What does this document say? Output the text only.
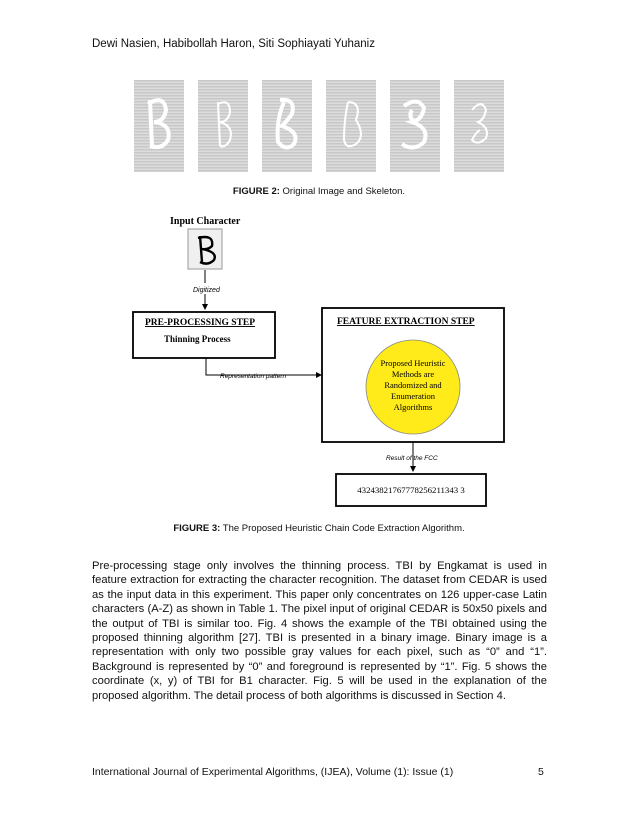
Dewi Nasien, Habibollah Haron, Siti Sophiayati Yuhaniz
FIGURE 2: Original Image and Skeleton.
Input Character
Digitized
PRE-PROCESSING STEP
Thinning Process
Representation pattern
FEATURE EXTRACTION STEP
Proposed Heuristic
Methods are
Randomized and
Enumeration
Algorithms
Result of the FCC
43243821767778256211343 3
FIGURE 3: The Proposed Heuristic Chain Code Extraction Algorithm.
Pre-processing stage only involves the thinning process. TBI by Engkamat is used in feature extraction for extracting the character recognition. The dataset from CEDAR is used as the input data in this experiment. This paper only concentrates on 126 upper-case Latin characters (A-Z) as shown in Table 1. The pixel input of original CEDAR is 50x50 pixels and the output of TBI is similar too. Fig. 4 shows the example of the TBI obtained using the proposed thinning algorithm [27]. TBI is presented in a binary image. Binary image is a representation with only two possible gray values for each pixel, such as “0” and “1”. Background is represented by “0” and foreground is represented by “1”. Fig. 5 shows the coordinate (x, y) of TBI for B1 character. Fig. 5 will be used in the explanation of the proposed algorithm. The detail process of both algorithms is discussed in Section 4.
International Journal of Experimental Algorithms, (IJEA), Volume (1): Issue (1)	5
